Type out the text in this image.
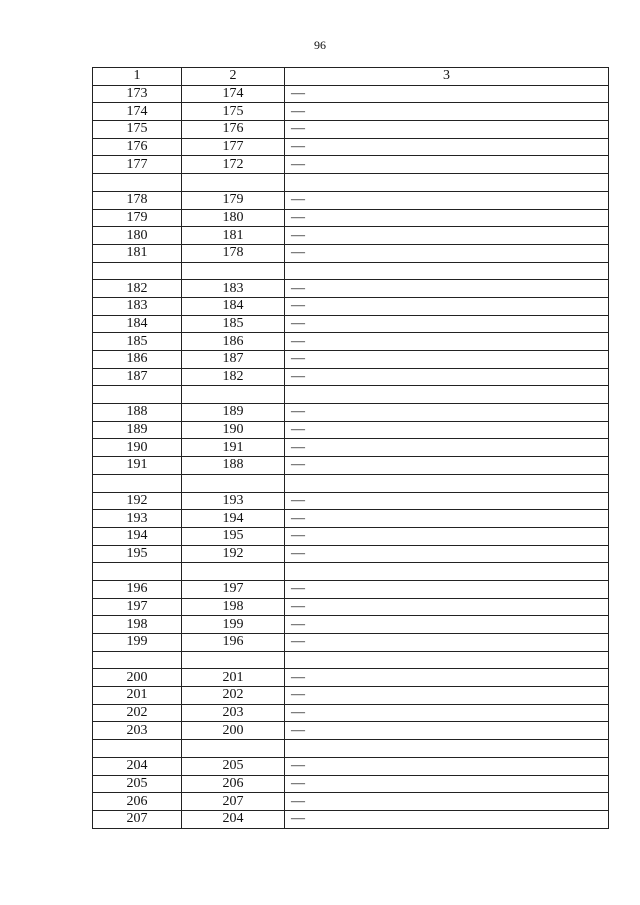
96
1	2	3
173	174	—
174	175	—
175	176	—
176	177	—
177	172	—

178	179	—
179	180	—
180	181	—
181	178	—

182	183	—
183	184	—
184	185	—
185	186	—
186	187	—
187	182	—

188	189	—
189	190	—
190	191	—
191	188	—

192	193	—
193	194	—
194	195	—
195	192	—

196	197	—
197	198	—
198	199	—
199	196	—

200	201	—
201	202	—
202	203	—
203	200	—

204	205	—
205	206	—
206	207	—
207	204	—
